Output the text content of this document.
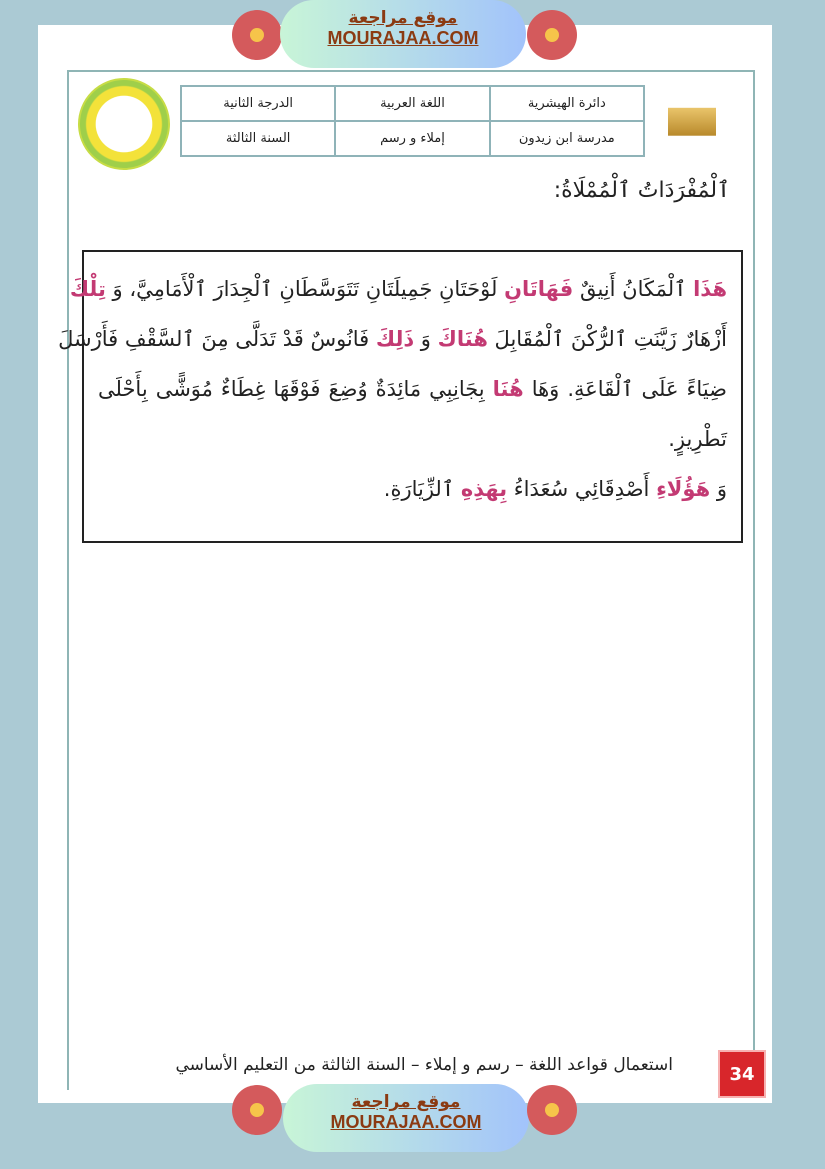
موقع مراجعة
MOURAJAA.COM
دائرة الهيشرية	اللغة العربية	الدرجة الثانية
مدرسة ابن زيدون	إملاء و رسم	السنة الثالثة
ٱلْمُفْرَدَاتُ ٱلْمُمْلَاةُ:
هَذَا ٱلْمَكَانُ أَنِيقٌ فَهَاتَانِ لَوْحَتَانِ جَمِيلَتَانِ تَتَوَسَّطَانِ ٱلْجِدَارَ ٱلْأَمَامِيَّ، وَ تِلْكَ
أَزْهَارٌ زَيَّنَتِ ٱلرُّكْنَ ٱلْمُقَابِلَ هُنَاكَ وَ ذَلِكَ فَانُوسٌ قَدْ تَدَلَّى مِنَ ٱلسَّقْفِ فَأَرْسَلَ
ضِيَاءً عَلَى ٱلْقَاعَةِ. وَهَا هُنَا بِجَانِبِي مَائِدَةٌ وُضِعَ فَوْقَهَا غِطَاءٌ مُوَشًّى بِأَحْلَى
تَطْرِيزٍ.
وَ هَؤُلَاءِ أَصْدِقَائِي سُعَدَاءُ بِهَذِهِ ٱلزِّيَارَةِ.
استعمال قواعد اللغة – رسم و إملاء – السنة الثالثة من التعليم الأساسي	34
موقع مراجعة
MOURAJAA.COM
